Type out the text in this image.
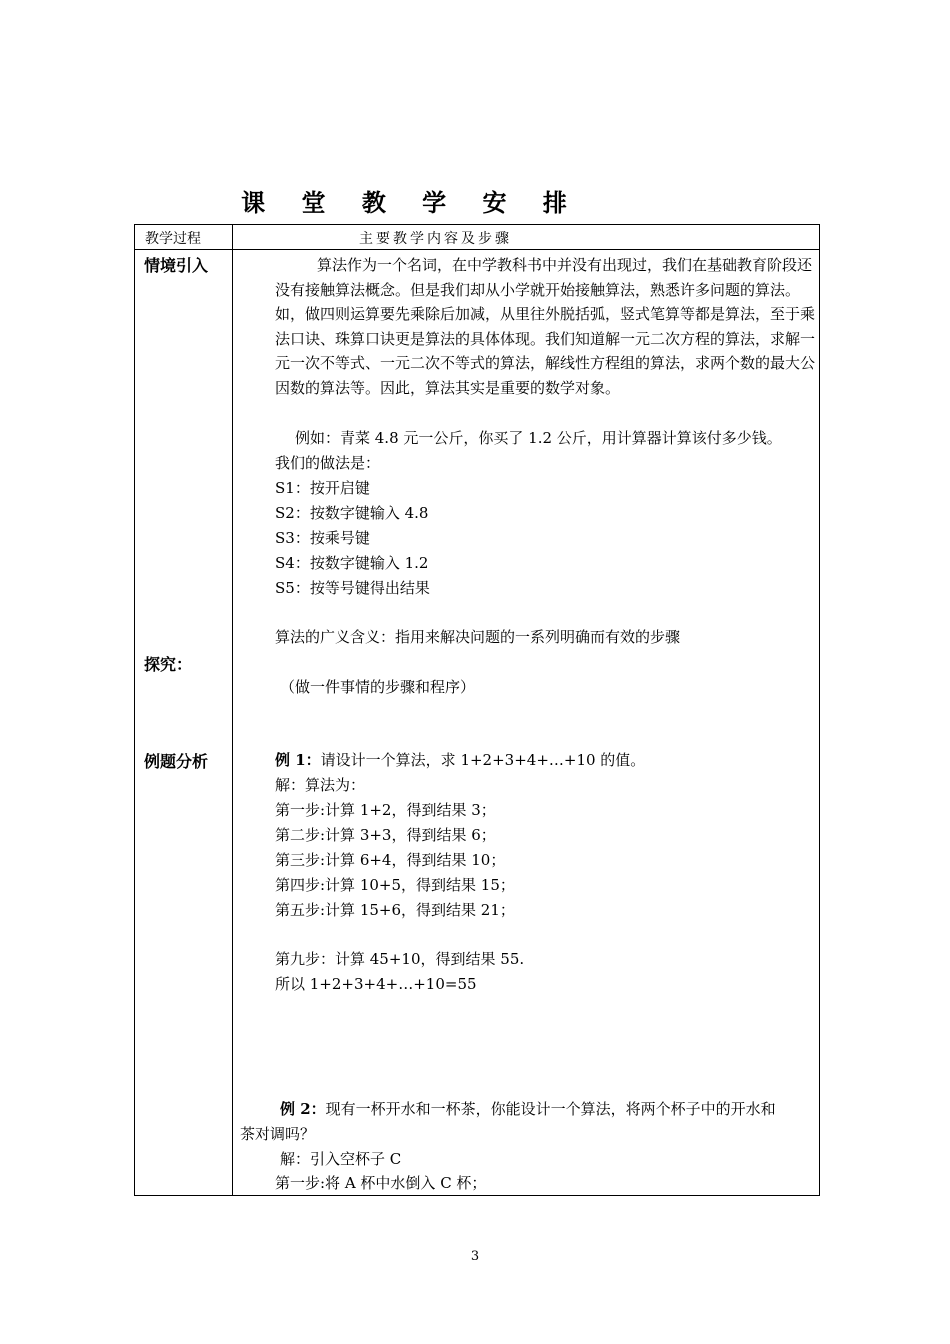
课 堂 教 学 安 排
教学过程	主要教学内容及步骤
情境引入
探究：
例题分析
算法作为一个名词，在中学教科书中并没有出现过，我们在基础教育阶段还没有接触算法概念。但是我们却从小学就开始接触算法，熟悉许多问题的算法。如，做四则运算要先乘除后加减，从里往外脱括弧，竖式笔算等都是算法，至于乘法口诀、珠算口诀更是算法的具体体现。我们知道解一元二次方程的算法，求解一元一次不等式、一元二次不等式的算法，解线性方程组的算法，求两个数的最大公因数的算法等。因此，算法其实是重要的数学对象。
例如：青菜 4.8 元一公斤，你买了 1.2 公斤，用计算器计算该付多少钱。
我们的做法是：
S1：按开启键
S2：按数字键输入 4.8
S3：按乘号键
S4：按数字键输入 1.2
S5：按等号键得出结果
算法的广义含义：指用来解决问题的一系列明确而有效的步骤
（做一件事情的步骤和程序）
例 1：请设计一个算法，求 1+2+3+4+…+10 的值。
解：算法为：
第一步:计算 1+2，得到结果 3；
第二步:计算 3+3，得到结果 6；
第三步:计算 6+4，得到结果 10；
第四步:计算 10+5，得到结果 15；
第五步:计算 15+6，得到结果 21；
第九步：计算 45+10，得到结果 55.
所以 1+2+3+4+…+10=55
例 2：现有一杯开水和一杯茶，你能设计一个算法，将两个杯子中的开水和
茶对调吗？
解：引入空杯子 C
第一步:将 A 杯中水倒入 C 杯；
3
